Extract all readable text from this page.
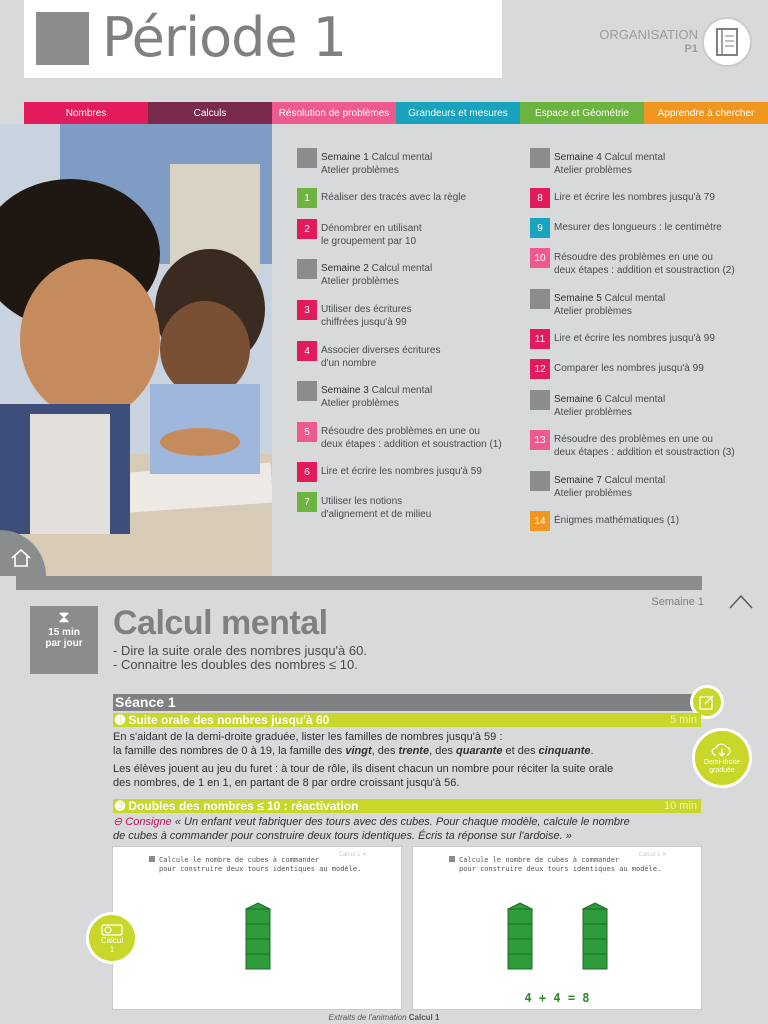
Période 1	ORGANISATION
P1
Nombres	Calculs	Résolution de problèmes	Grandeurs et mesures	Espace et Géométrie	Apprendre à chercher
Semaine 1 Calcul mental
Atelier problèmes
1	Réaliser des tracés avec la règle
2	Dénombrer en utilisant
le groupement par 10
Semaine 2 Calcul mental
Atelier problèmes
3	Utiliser des écritures
chiffrées jusqu'à 99
4	Associer diverses écritures
d'un nombre
Semaine 3 Calcul mental
Atelier problèmes
5	Résoudre des problèmes en une ou
deux étapes : addition et soustraction (1)
6	Lire et écrire les nombres jusqu'à 59
7	Utiliser les notions
d'alignement et de milieu
Semaine 4 Calcul mental
Atelier problèmes
8	Lire et écrire les nombres jusqu'à 79
9	Mesurer des longueurs : le centimètre
10 Résoudre des problèmes en une ou
deux étapes : addition et soustraction (2)
Semaine 5 Calcul mental
Atelier problèmes
11 Lire et écrire les nombres jusqu'à 99
12 Comparer les nombres jusqu'à 99
Semaine 6 Calcul mental
Atelier problèmes
13 Résoudre des problèmes en une ou
deux étapes : addition et soustraction (3)
Semaine 7 Calcul mental
Atelier problèmes
14 Énigmes mathématiques (1)
Semaine 1
⧗
15 min
par jour
Calcul mental
- Dire la suite orale des nombres jusqu'à 60.
- Connaitre les doubles des nombres ≤ 10.
Séance 1
➊ Suite orale des nombres jusqu'à 60	5 min
Demi-droite
graduée
En s'aidant de la demi-droite graduée, lister les familles de nombres jusqu'à 59 :
la famille des nombres de 0 à 19, la famille des vingt, des trente, des quarante et des cinquante.
Les élèves jouent au jeu du furet : à tour de rôle, ils disent chacun un nombre pour réciter la suite orale
des nombres, de 1 en 1, en partant de 8 par ordre croissant jusqu'à 56.
➋ Doubles des nombres ≤ 10 : réactivation	10 min
⊖ Consigne « Un enfant veut fabriquer des tours avec des cubes. Pour chaque modèle, calcule le nombre
de cubes à commander pour construire deux tours identiques. Écris ta réponse sur l'ardoise. »
Calcul 1 ✕
Calcule le nombre de cubes à commander
pour construire deux tours identiques au modèle.
Calcul 1 ✕
Calcule le nombre de cubes à commander
pour construire deux tours identiques au modèle.
4 + 4 = 8
Calcul
1
Extraits de l'animation Calcul 1
